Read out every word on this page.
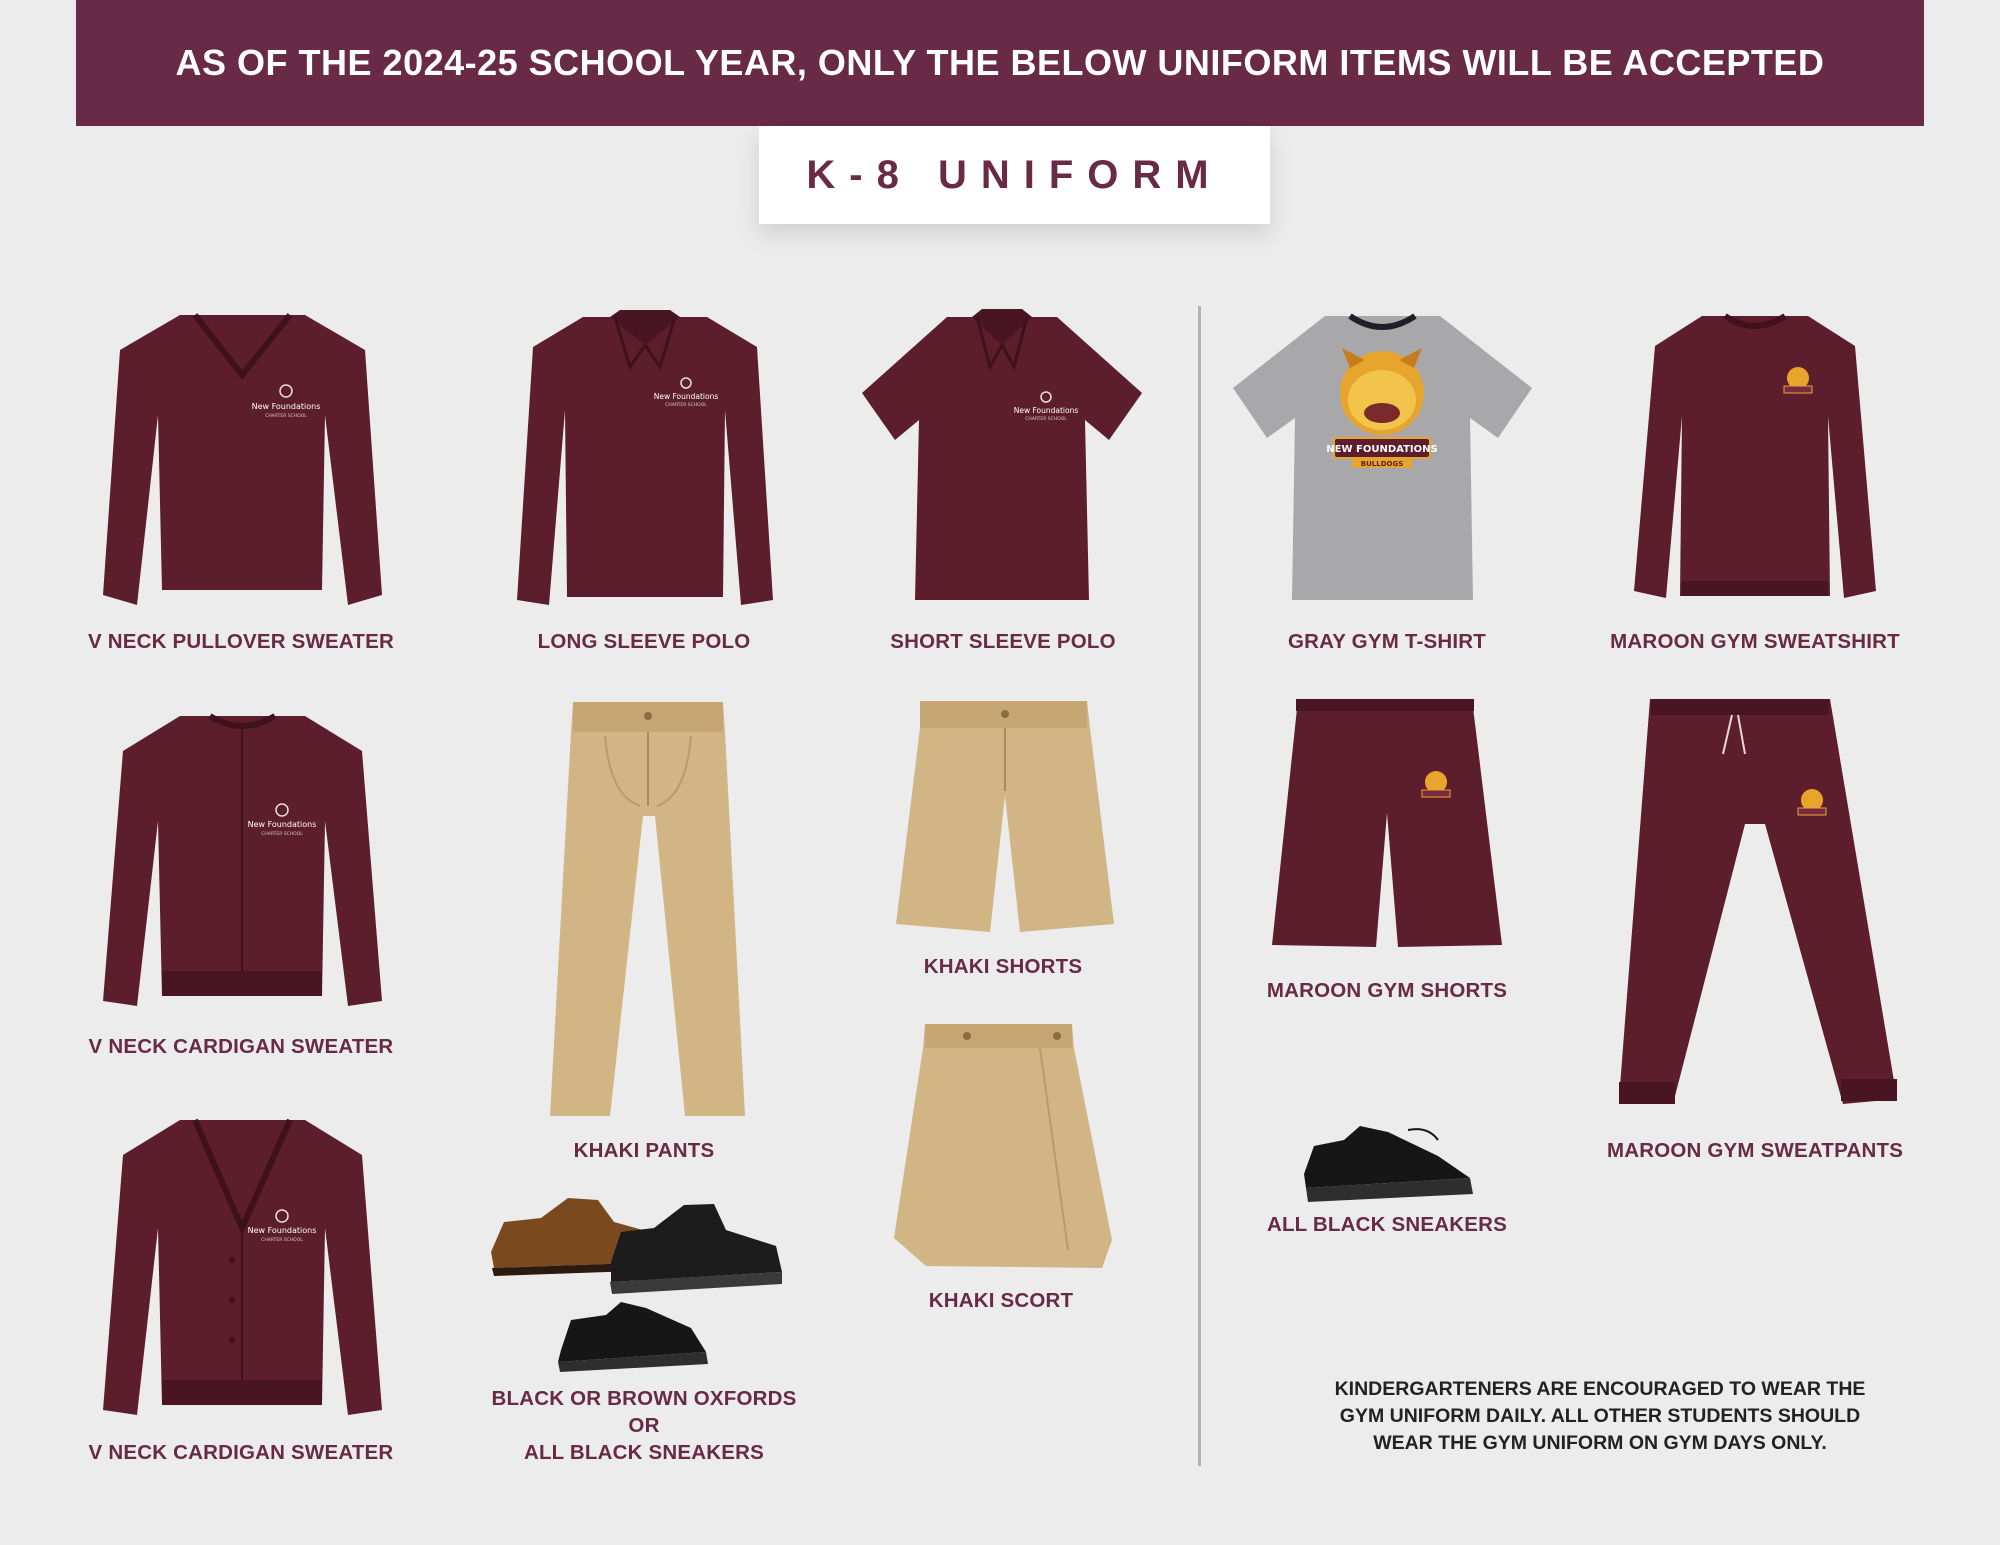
AS OF THE 2024-25 SCHOOL YEAR, ONLY THE BELOW UNIFORM ITEMS WILL BE ACCEPTED
K-8 UNIFORM
New Foundations
CHARTER SCHOOL
V NECK PULLOVER SWEATER
New Foundations
CHARTER SCHOOL
LONG SLEEVE POLO
New Foundations
CHARTER SCHOOL
SHORT SLEEVE POLO
NEW FOUNDATIONS
BULLDOGS
GRAY GYM T-SHIRT	MAROON GYM SWEATSHIRT
New Foundations
CHARTER SCHOOL
V NECK CARDIGAN SWEATER
KHAKI PANTS
KHAKI SHORTS
MAROON GYM SHORTS
MAROON GYM SWEATPANTS
New Foundations
CHARTER SCHOOL
V NECK CARDIGAN SWEATER
BLACK OR BROWN OXFORDS
OR
ALL BLACK SNEAKERS
KHAKI SCORT
ALL BLACK SNEAKERS
KINDERGARTENERS ARE ENCOURAGED TO WEAR THE
GYM UNIFORM DAILY. ALL OTHER STUDENTS SHOULD
WEAR THE GYM UNIFORM ON GYM DAYS ONLY.
